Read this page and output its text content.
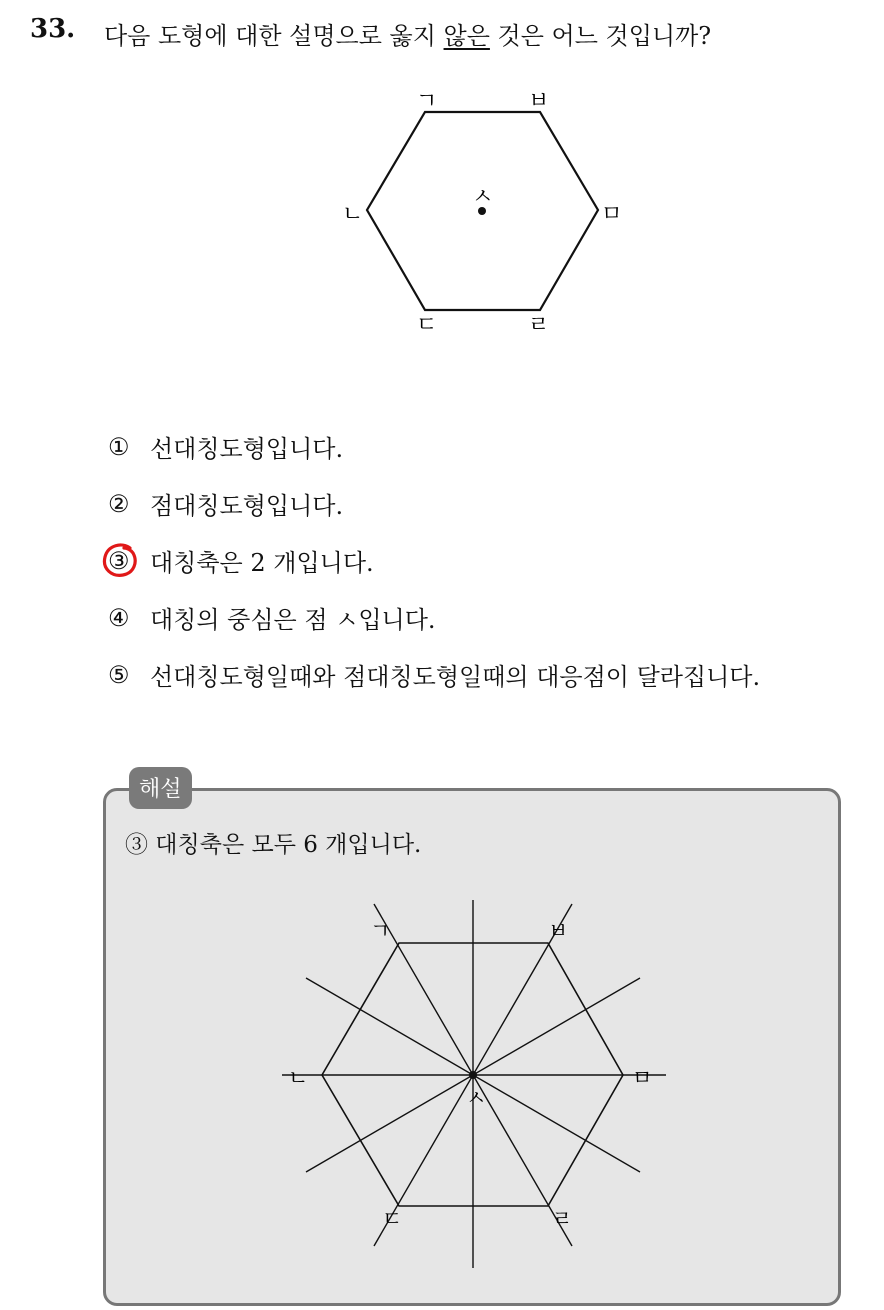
33. 다음 도형에 대한 설명으로 옳지 않은 것은 어느 것입니까?
ㄱ	ㅂ
ㅁ
ㄹ
ㄷ
ㄴ
ㅅ
① 선대칭도형입니다.
② 점대칭도형입니다.
③ 대칭축은 2 개입니다.
④ 대칭의 중심은 점 ㅅ입니다.
⑤ 선대칭도형일때와 점대칭도형일때의 대응점이 달라집니다.
해설
③ 대칭축은 모두 6 개입니다.
ㄱ	ㅂ
ㅁ
ㄹ
ㄷ
ㄴ
ㅅ
